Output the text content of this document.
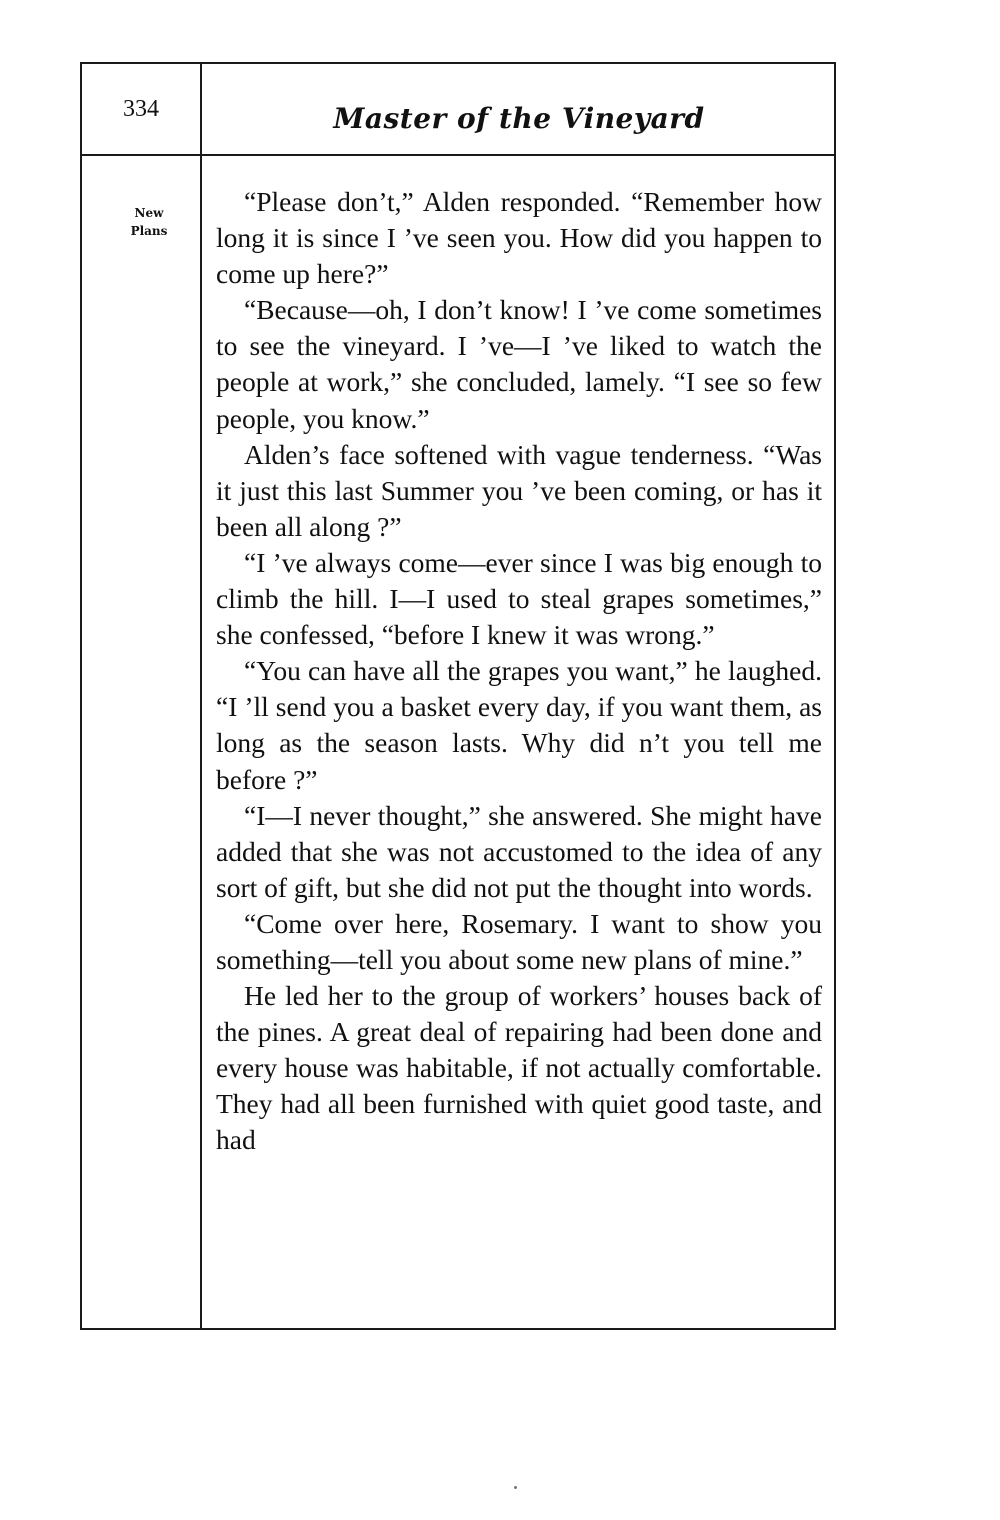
334	Master of the Vineyard
New
Plans

“Please don’t,” Alden responded. “Remember how long it is since I ’ve seen you. How did you happen to come up here?”

“Because—oh, I don’t know! I ’ve come sometimes to see the vineyard. I ’ve—I ’ve liked to watch the people at work,” she concluded, lamely. “I see so few people, you know.”

Alden’s face softened with vague tenderness. “Was it just this last Summer you ’ve been coming, or has it been all along ?”

“I ’ve always come—ever since I was big enough to climb the hill. I—I used to steal grapes sometimes,” she confessed, “before I knew it was wrong.”

“You can have all the grapes you want,” he laughed. “I ’ll send you a basket every day, if you want them, as long as the season lasts. Why did n’t you tell me before ?”

“I—I never thought,” she answered. She might have added that she was not accustomed to the idea of any sort of gift, but she did not put the thought into words.

“Come over here, Rosemary. I want to show you something—tell you about some new plans of mine.”

He led her to the group of workers’ houses back of the pines. A great deal of repairing had been done and every house was habitable, if not actually comfortable. They had all been furnished with quiet good taste, and had
